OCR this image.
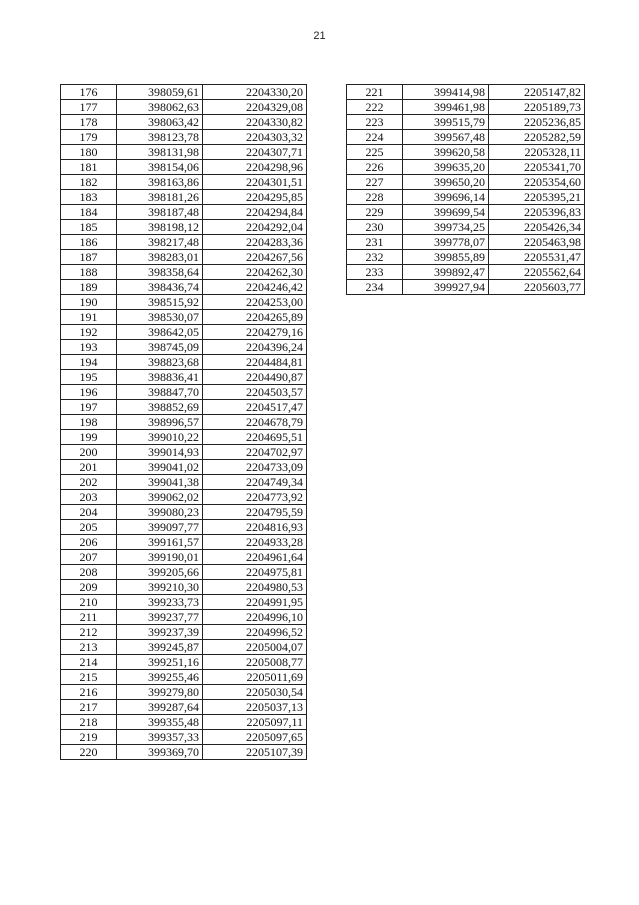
21
176	398059,61	2204330,20
177	398062,63	2204329,08
178	398063,42	2204330,82
179	398123,78	2204303,32
180	398131,98	2204307,71
181	398154,06	2204298,96
182	398163,86	2204301,51
183	398181,26	2204295,85
184	398187,48	2204294,84
185	398198,12	2204292,04
186	398217,48	2204283,36
187	398283,01	2204267,56
188	398358,64	2204262,30
189	398436,74	2204246,42
190	398515,92	2204253,00
191	398530,07	2204265,89
192	398642,05	2204279,16
193	398745,09	2204396,24
194	398823,68	2204484,81
195	398836,41	2204490,87
196	398847,70	2204503,57
197	398852,69	2204517,47
198	398996,57	2204678,79
199	399010,22	2204695,51
200	399014,93	2204702,97
201	399041,02	2204733,09
202	399041,38	2204749,34
203	399062,02	2204773,92
204	399080,23	2204795,59
205	399097,77	2204816,93
206	399161,57	2204933,28
207	399190,01	2204961,64
208	399205,66	2204975,81
209	399210,30	2204980,53
210	399233,73	2204991,95
211	399237,77	2204996,10
212	399237,39	2204996,52
213	399245,87	2205004,07
214	399251,16	2205008,77
215	399255,46	2205011,69
216	399279,80	2205030,54
217	399287,64	2205037,13
218	399355,48	2205097,11
219	399357,33	2205097,65
220	399369,70	2205107,39
221	399414,98	2205147,82
222	399461,98	2205189,73
223	399515,79	2205236,85
224	399567,48	2205282,59
225	399620,58	2205328,11
226	399635,20	2205341,70
227	399650,20	2205354,60
228	399696,14	2205395,21
229	399699,54	2205396,83
230	399734,25	2205426,34
231	399778,07	2205463,98
232	399855,89	2205531,47
233	399892,47	2205562,64
234	399927,94	2205603,77
